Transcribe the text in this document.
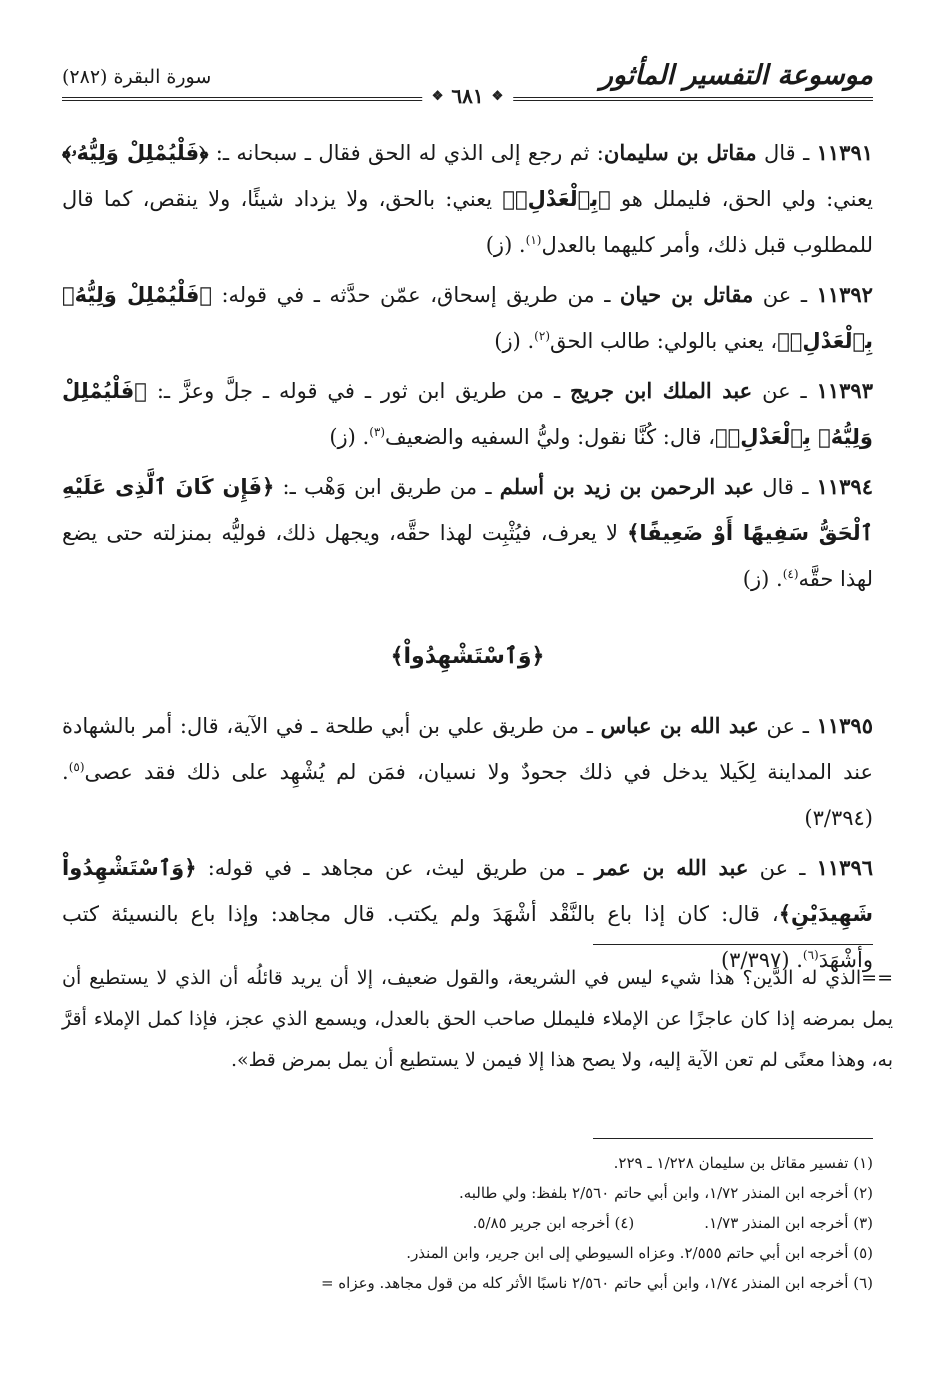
موسوعة التفسير المأثور
❖
٦٨١
❖
سورة البقرة (٢٨٢)

١١٣٩١ ـ قال مقاتل بن سليمان: ثم رجع إلى الذي له الحق فقال ـ سبحانه ـ: ﴿فَلْيُمْلِلْ وَلِيُّهُۥ﴾ يعني: ولي الحق، فليملل هو ﴿بِٱلْعَدْلِۚ﴾ يعني: بالحق، ولا يزداد شيئًا، ولا ينقص، كما قال للمطلوب قبل ذلك، وأمر كليهما بالعدل$^{(١)}$. (ز)

١١٣٩٢ ـ عن مقاتل بن حيان ـ من طريق إسحاق، عمّن حدَّثه ـ في قوله: ﴿فَلْيُمْلِلْ وَلِيُّهُۥ بِٱلْعَدْلِۚ﴾، يعني بالولي: طالب الحق$^{(٢)}$. (ز)

١١٣٩٣ ـ عن عبد الملك ابن جريج ـ من طريق ابن ثور ـ في قوله ـ جلَّ وعزَّ ـ: ﴿فَلْيُمْلِلْ وَلِيُّهُۥ بِٱلْعَدْلِۚ﴾، قال: كُنَّا نقول: وليُّ السفيه والضعيف$^{(٣)}$. (ز)

١١٣٩٤ ـ قال عبد الرحمن بن زيد بن أسلم ـ من طريق ابن وَهْب ـ: ﴿فَإِن كَانَ ٱلَّذِى عَلَيْهِ ٱلْحَقُّ سَفِيهًا أَوْ ضَعِيفًا﴾ لا يعرف، فيُثْبِت لهذا حقَّه، ويجهل ذلك، فوليُّه بمنزلته حتى يضع لهذا حقَّه$^{(٤)}$. (ز)

﴿وَٱسْتَشْهِدُواْ﴾

١١٣٩٥ ـ عن عبد الله بن عباس ـ من طريق علي بن أبي طلحة ـ في الآية، قال: أمر بالشهادة عند المداينة لِكَيلا يدخل في ذلك جحودٌ ولا نسيان، فمَن لم يُشْهِد على ذلك فقد عصى$^{(٥)}$. (٣/٣٩٤)

١١٣٩٦ ـ عن عبد الله بن عمر ـ من طريق ليث، عن مجاهد ـ في قوله: ﴿وَٱسْتَشْهِدُواْ شَهِيدَيْنِ﴾، قال: كان إذا باع بالنَّقْد أشْهَدَ ولم يكتب. قال مجاهد: وإذا باع بالنسيئة كتب وأشْهَدَ$^{(٦)}$. (٣/٣٩٧)

==الذي له الدَّين؟ هذا شيء ليس في الشريعة، والقول ضعيف، إلا أن يريد قائلُه أن الذي لا يستطيع أن يمل بمرضه إذا كان عاجزًا عن الإملاء فليملل صاحب الحق بالعدل، ويسمع الذي عجز، فإذا كمل الإملاء أقرَّ به، وهذا معنًى لم تعن الآية إليه، ولا يصح هذا إلا فيمن لا يستطيع أن يمل بمرض قط».
(١) تفسير مقاتل بن سليمان ١/٢٢٨ ـ ٢٢٩.
(٢) أخرجه ابن المنذر ١/٧٢، وابن أبي حاتم ٢/٥٦٠ بلفظ: ولي طالبه.
(٣) أخرجه ابن المنذر ١/٧٣.
(٤) أخرجه ابن جرير ٥/٨٥.
(٥) أخرجه ابن أبي حاتم ٢/٥٥٥. وعزاه السيوطي إلى ابن جرير، وابن المنذر.
(٦) أخرجه ابن المنذر ١/٧٤، وابن أبي حاتم ٢/٥٦٠ ناسبًا الأثر كله من قول مجاهد. وعزاه =
